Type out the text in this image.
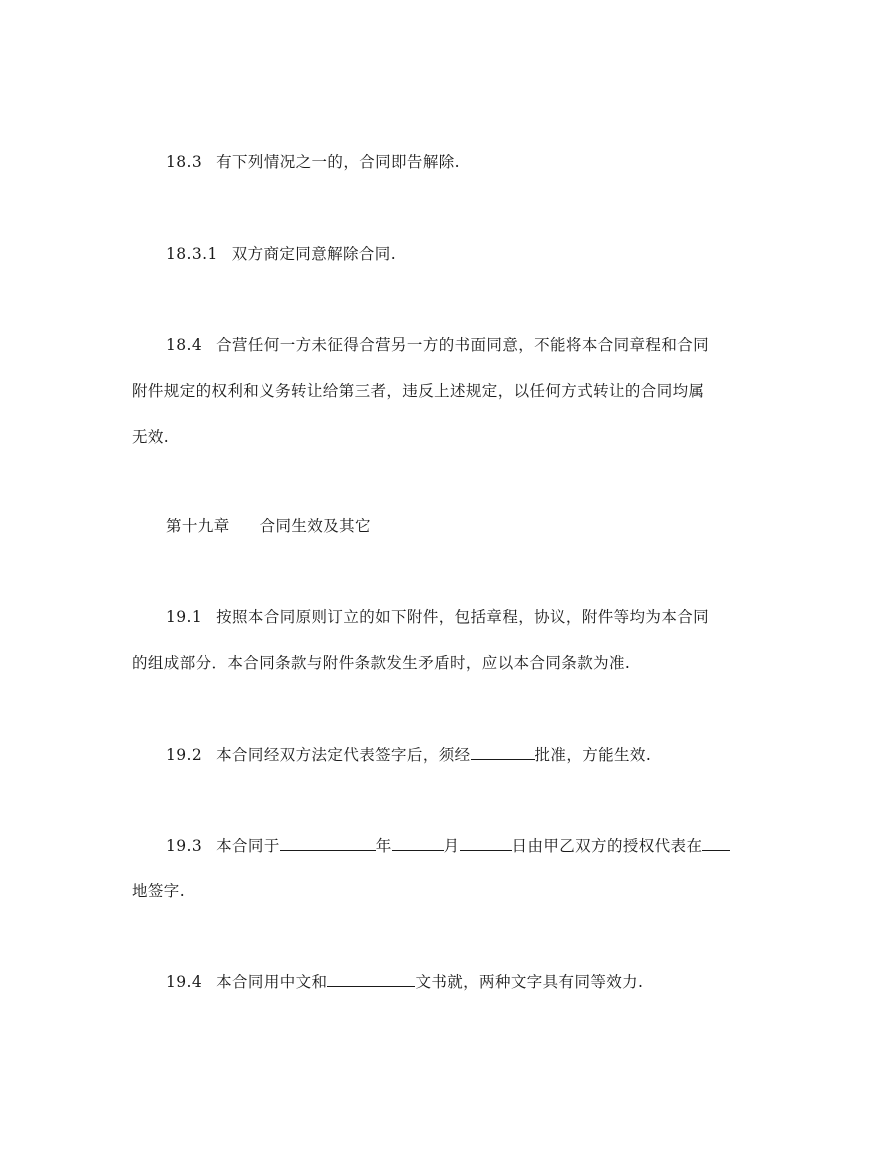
18.3 有下列情况之一的，合同即告解除.
18.3.1 双方商定同意解除合同.
18.4 合营任何一方未征得合营另一方的书面同意，不能将本合同章程和合同
附件规定的权利和义务转让给第三者，违反上述规定，以任何方式转让的合同均属
无效.
第十九章 合同生效及其它
19.1 按照本合同原则订立的如下附件，包括章程，协议，附件等均为本合同
的组成部分．本合同条款与附件条款发生矛盾时，应以本合同条款为准.
19.2 本合同经双方法定代表签字后，须经	批准，方能生效.
19.3 本合同于	年	月	日由甲乙双方的授权代表在
地签字.
19.4 本合同用中文和	文书就，两种文字具有同等效力.
